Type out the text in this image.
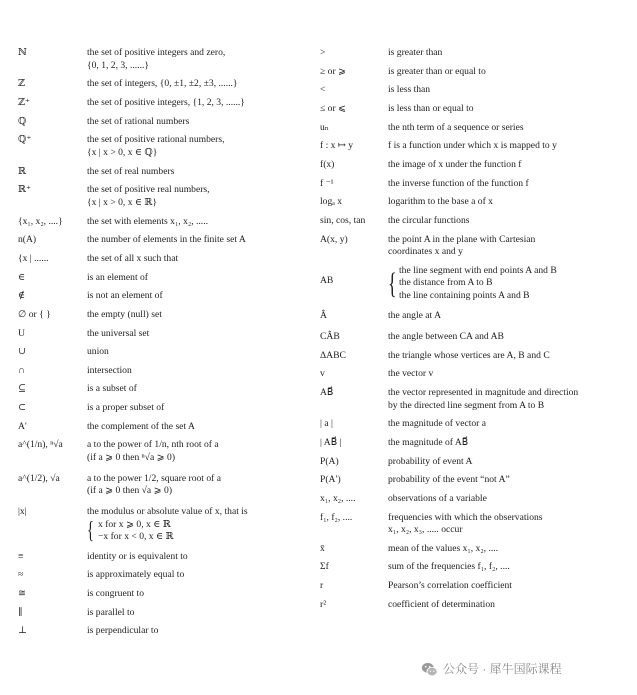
ℕ	the set of positive integers and zero,
{0, 1, 2, 3, ......}
ℤ	the set of integers, {0, ±1, ±2, ±3, ......}
ℤ⁺	the set of positive integers, {1, 2, 3, ......}
ℚ	the set of rational numbers
ℚ⁺	the set of positive rational numbers,
{x | x > 0, x ∈ ℚ}
ℝ	the set of real numbers
ℝ⁺	the set of positive real numbers,
{x | x > 0, x ∈ ℝ}
{x₁, x₂, ....}	the set with elements x₁, x₂, .....
n(A)	the number of elements in the finite set A
{x | ......	the set of all x such that
∈	is an element of
∉	is not an element of
∅ or { }	the empty (null) set
U	the universal set
∪	union
∩	intersection
⊆	is a subset of
⊂	is a proper subset of
A′	the complement of the set A
a^(1/n), ⁿ√a	a to the power of 1/n, nth root of a
(if a ⩾ 0 then ⁿ√a ⩾ 0)
a^(1/2), √a	a to the power 1/2, square root of a
(if a ⩾ 0 then √a ⩾ 0)
|x|	the modulus or absolute value of x, that is
{ x for x ⩾ 0, x ∈ ℝ
−x for x < 0, x ∈ ℝ
≡	identity or is equivalent to
≈	is approximately equal to
≅	is congruent to
∥	is parallel to
⊥	is perpendicular to
>	is greater than
≥ or ⩾	is greater than or equal to
<	is less than
≤ or ⩽	is less than or equal to
uₙ	the nth term of a sequence or series
f : x ↦ y	f is a function under which x is mapped to y
f(x)	the image of x under the function f
f ⁻¹	the inverse function of the function f
logₐ x	logarithm to the base a of x
sin, cos, tan	the circular functions
A(x, y)	the point A in the plane with Cartesian
coordinates x and y
AB	{ the line segment with end points A and B
the distance from A to B
the line containing points A and B
Â	the angle at A
CÂB	the angle between CA and AB
ΔABC	the triangle whose vertices are A, B and C
v	the vector v
AB⃗	the vector represented in magnitude and direction
by the directed line segment from A to B
| a |	the magnitude of vector a
| AB⃗ |	the magnitude of AB⃗
P(A)	probability of event A
P(A′)	probability of the event “not A”
x₁, x₂, ....	observations of a variable
f₁, f₂, ....	frequencies with which the observations
x₁, x₂, x₃, ..... occur
x̄	mean of the values x₁, x₂, ....
Σf	sum of the frequencies f₁, f₂, ....
r	Pearson’s correlation coefficient
r²	coefficient of determination
公众号 · 犀牛国际课程
